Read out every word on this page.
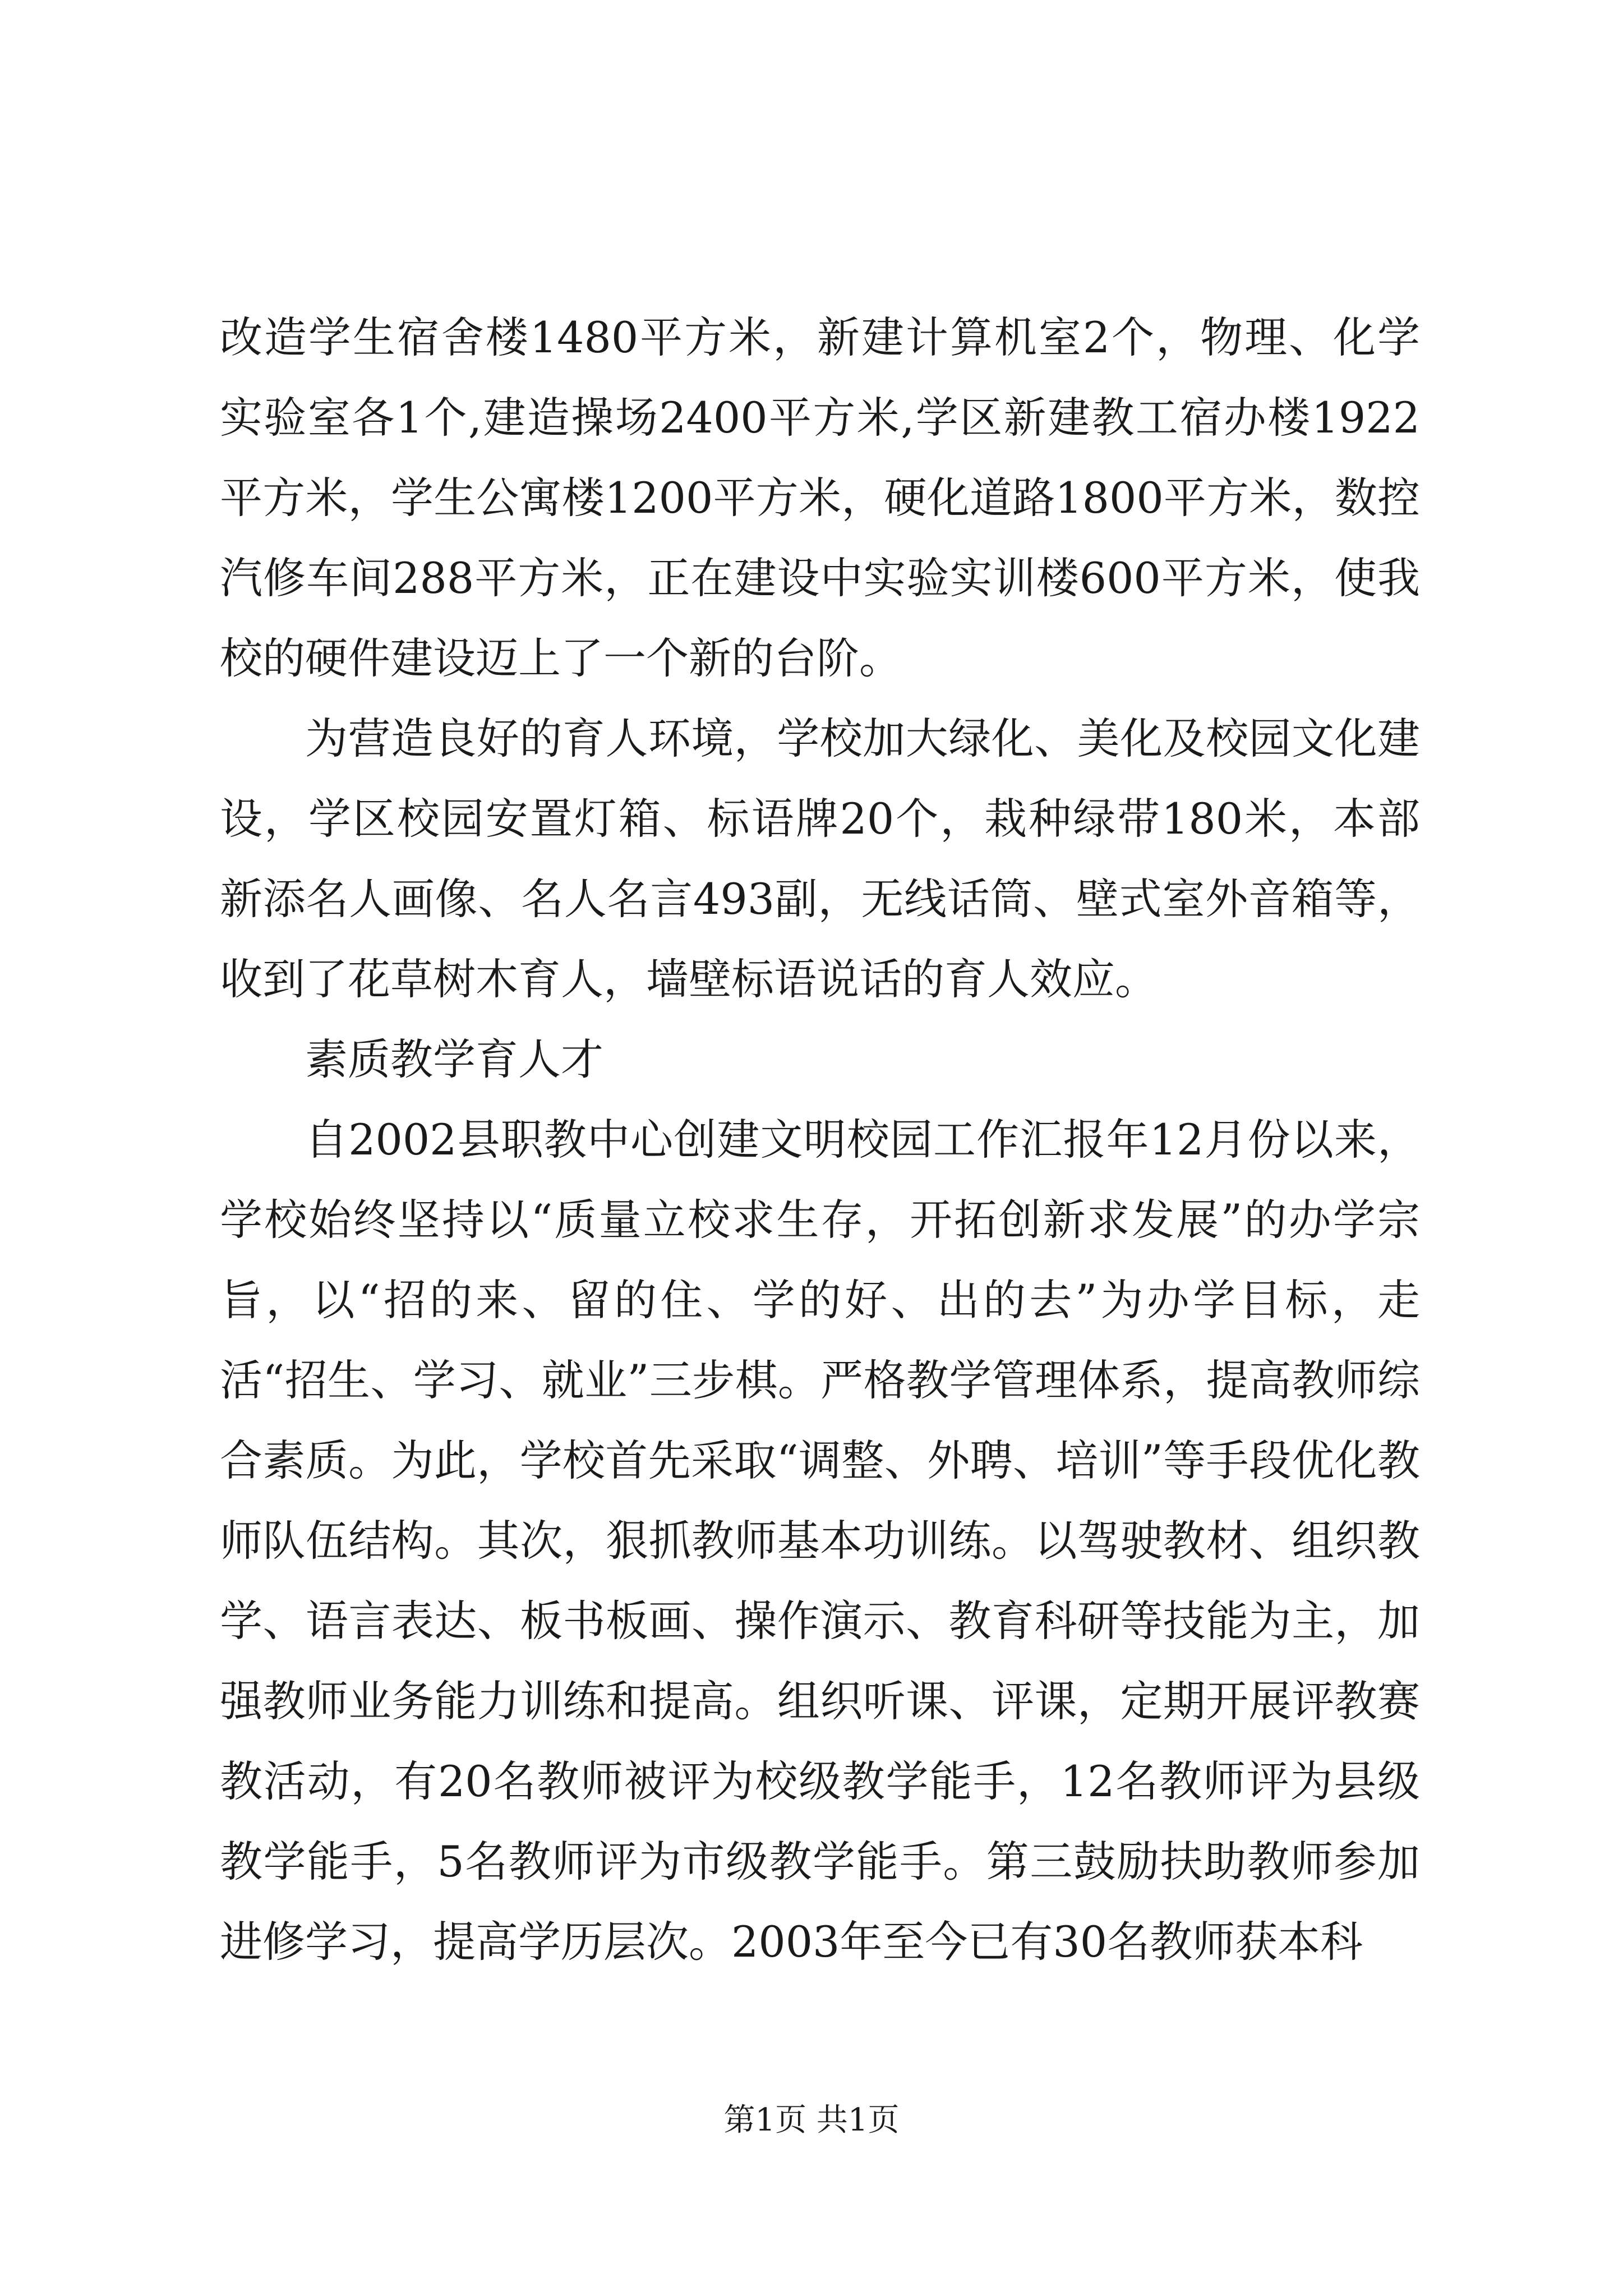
改造学生宿舍楼1480平方米，新建计算机室2个，物理、化学实验室各1个,建造操场2400平方米,学区新建教工宿办楼1922平方米，学生公寓楼1200平方米，硬化道路1800平方米，数控汽修车间288平方米，正在建设中实验实训楼600平方米，使我校的硬件建设迈上了一个新的台阶。

为营造良好的育人环境，学校加大绿化、美化及校园文化建设，学区校园安置灯箱、标语牌20个，栽种绿带180米，本部新添名人画像、名人名言493副，无线话筒、壁式室外音箱等，收到了花草树木育人，墙壁标语说话的育人效应。

素质教学育人才

自2002县职教中心创建文明校园工作汇报年12月份以来，学校始终坚持以“质量立校求生存，开拓创新求发展”的办学宗旨，以“招的来、留的住、学的好、出的去”为办学目标，走活“招生、学习、就业”三步棋。严格教学管理体系，提高教师综合素质。为此，学校首先采取“调整、外聘、培训”等手段优化教师队伍结构。其次，狠抓教师基本功训练。以驾驶教材、组织教学、语言表达、板书板画、操作演示、教育科研等技能为主，加强教师业务能力训练和提高。组织听课、评课，定期开展评教赛教活动，有20名教师被评为校级教学能手，12名教师评为县级教学能手，5名教师评为市级教学能手。第三鼓励扶助教师参加进修学习，提高学历层次。2003年至今已有30名教师获本科

第1页 共1页
